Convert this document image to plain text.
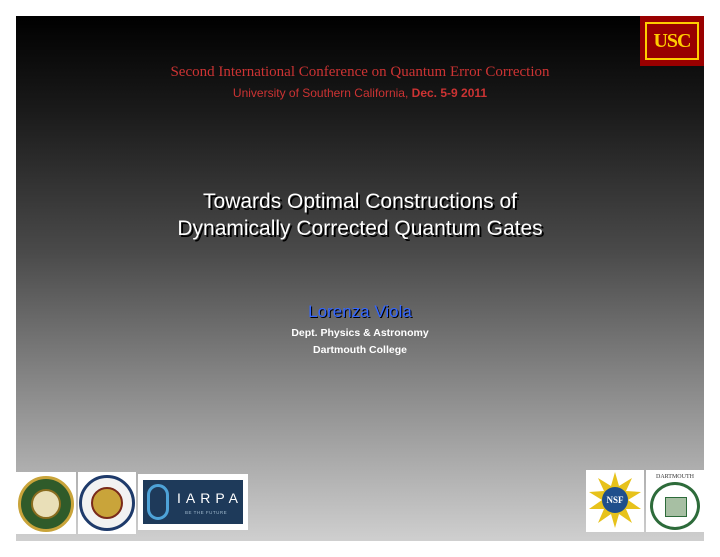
USC
Second International Conference on Quantum Error Correction
University of Southern California, Dec. 5-9 2011
Towards Optimal Constructions of
Dynamically Corrected Quantum Gates
Lorenza Viola
Dept. Physics & Astronomy
Dartmouth College
IARPA
BE THE FUTURE
NSF
DARTMOUTH
